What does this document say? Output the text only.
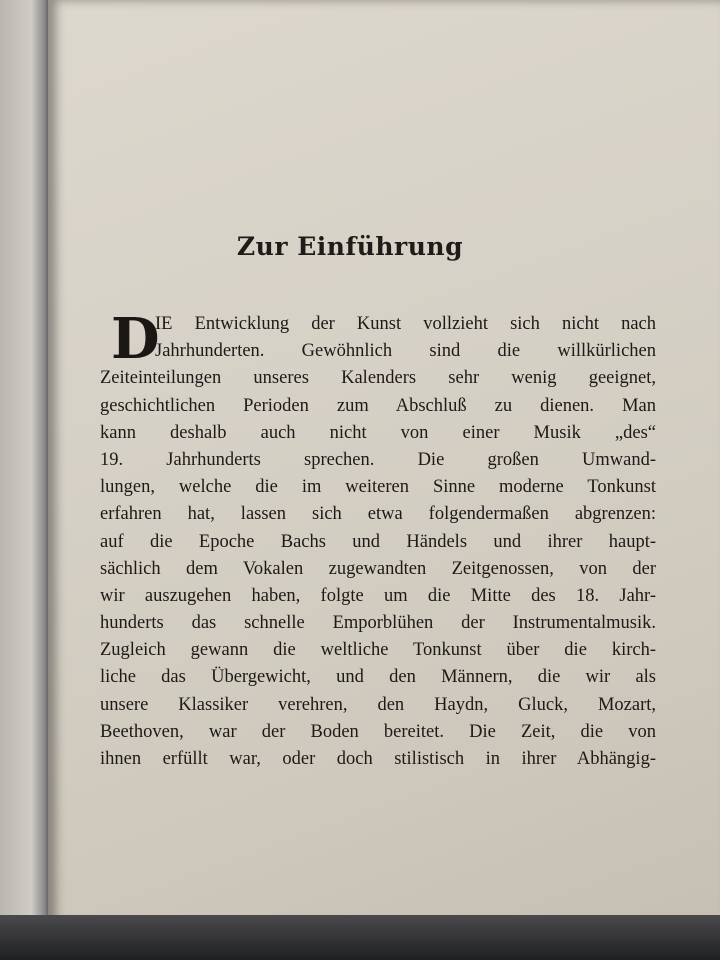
Zur Einführung
D
IE Entwicklung der Kunst vollzieht sich nicht nach
Jahrhunderten. Gewöhnlich sind die willkürlichen
Zeiteinteilungen unseres Kalenders sehr wenig geeignet,
geschichtlichen Perioden zum Abschluß zu dienen. Man
kann deshalb auch nicht von einer Musik „des“
19. Jahrhunderts sprechen. Die großen Umwand-
lungen, welche die im weiteren Sinne moderne Tonkunst
erfahren hat, lassen sich etwa folgendermaßen abgrenzen:
auf die Epoche Bachs und Händels und ihrer haupt-
sächlich dem Vokalen zugewandten Zeitgenossen, von der
wir auszugehen haben, folgte um die Mitte des 18. Jahr-
hunderts das schnelle Emporblühen der Instrumentalmusik.
Zugleich gewann die weltliche Tonkunst über die kirch-
liche das Übergewicht, und den Männern, die wir als
unsere Klassiker verehren, den Haydn, Gluck, Mozart,
Beethoven, war der Boden bereitet. Die Zeit, die von
ihnen erfüllt war, oder doch stilistisch in ihrer Abhängig-
